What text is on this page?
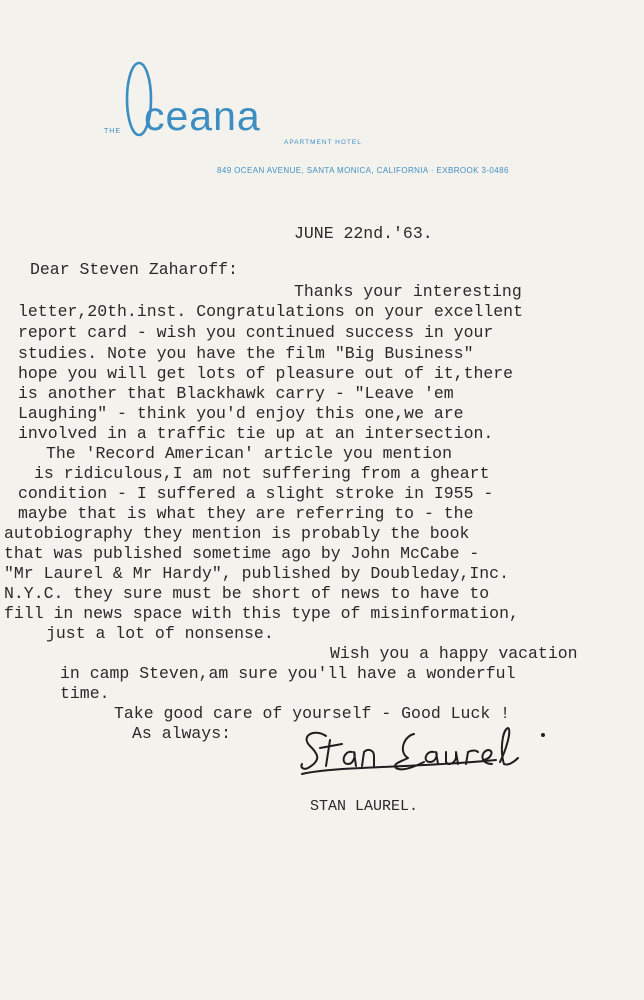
THE ceana
APARTMENT HOTEL
849 OCEAN AVENUE, SANTA MONICA, CALIFORNIA · EXBROOK 3-0486
JUNE 22nd.'63.
Dear Steven Zaharoff:
Thanks your interesting
letter,20th.inst. Congratulations on your excellent
report card - wish you continued success in your
studies. Note you have the film "Big Business"
hope you will get lots of pleasure out of it,there
is another that Blackhawk carry - "Leave 'em
Laughing" - think you'd enjoy this one,we are
involved in a traffic tie up at an intersection.
The 'Record American' article you mention
is ridiculous,I am not suffering from a gheart
condition - I suffered a slight stroke in I955 -
maybe that is what they are referring to - the
autobiography they mention is probably the book
that was published sometime ago by John McCabe -
"Mr Laurel & Mr Hardy", published by Doubleday,Inc.
N.Y.C. they sure must be short of news to have to
fill in news space with this type of misinformation,
just a lot of nonsense.
Wish you a happy vacation
in camp Steven,am sure you'll have a wonderful
time.
Take good care of yourself - Good Luck !
As always:
STAN LAUREL.
